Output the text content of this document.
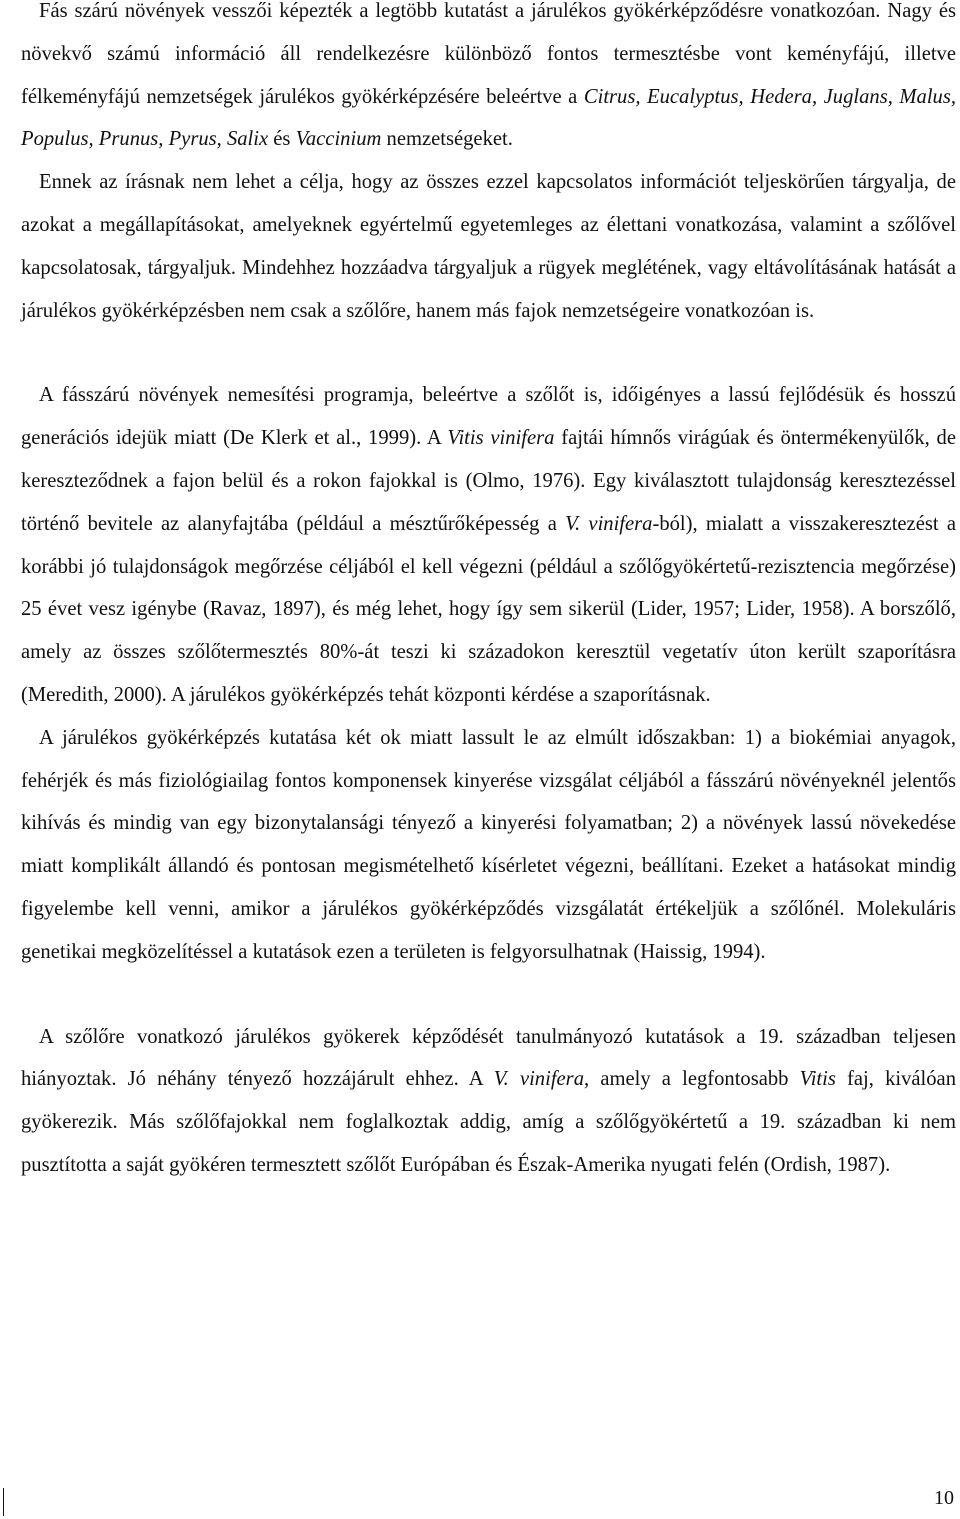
Fás szárú növények vesszői képezték a legtöbb kutatást a járulékos gyökérképződésre vonatkozóan. Nagy és növekvő számú információ áll rendelkezésre különböző fontos termesztésbe vont keményfájú, illetve félkeményfájú nemzetségek járulékos gyökérképzésére beleértve a Citrus, Eucalyptus, Hedera, Juglans, Malus, Populus, Prunus, Pyrus, Salix és Vaccinium nemzetségeket.

Ennek az írásnak nem lehet a célja, hogy az összes ezzel kapcsolatos információt teljeskörűen tárgyalja, de azokat a megállapításokat, amelyeknek egyértelmű egyetemleges az élettani vonatkozása, valamint a szőlővel kapcsolatosak, tárgyaljuk. Mindehhez hozzáadva tárgyaljuk a rügyek meglétének, vagy eltávolításának hatását a járulékos gyökérképzésben nem csak a szőlőre, hanem más fajok nemzetségeire vonatkozóan is.

A fásszárú növények nemesítési programja, beleértve a szőlőt is, időigényes a lassú fejlődésük és hosszú generációs idejük miatt (De Klerk et al., 1999). A Vitis vinifera fajtái hímnős virágúak és öntermékenyülők, de kereszteződnek a fajon belül és a rokon fajokkal is (Olmo, 1976). Egy kiválasztott tulajdonság keresztezéssel történő bevitele az alanyfajtába (például a mésztűrőképesség a V. vinifera-ból), mialatt a visszakeresztezést a korábbi jó tulajdonságok megőrzése céljából el kell végezni (például a szőlőgyökértetű-rezisztencia megőrzése) 25 évet vesz igénybe (Ravaz, 1897), és még lehet, hogy így sem sikerül (Lider, 1957; Lider, 1958). A borszőlő, amely az összes szőlőtermesztés 80%-át teszi ki századokon keresztül vegetatív úton került szaporításra (Meredith, 2000). A járulékos gyökérképzés tehát központi kérdése a szaporításnak.

A járulékos gyökérképzés kutatása két ok miatt lassult le az elmúlt időszakban: 1) a biokémiai anyagok, fehérjék és más fiziológiailag fontos komponensek kinyerése vizsgálat céljából a fásszárú növényeknél jelentős kihívás és mindig van egy bizonytalansági tényező a kinyerési folyamatban; 2) a növények lassú növekedése miatt komplikált állandó és pontosan megismételhető kísérletet végezni, beállítani. Ezeket a hatásokat mindig figyelembe kell venni, amikor a járulékos gyökérképződés vizsgálatát értékeljük a szőlőnél. Molekuláris genetikai megközelítéssel a kutatások ezen a területen is felgyorsulhatnak (Haissig, 1994).

A szőlőre vonatkozó járulékos gyökerek képződését tanulmányozó kutatások a 19. században teljesen hiányoztak. Jó néhány tényező hozzájárult ehhez. A V. vinifera, amely a legfontosabb Vitis faj, kiválóan gyökerezik. Más szőlőfajokkal nem foglalkoztak addig, amíg a szőlőgyökértetű a 19. században ki nem pusztította a saját gyökéren termesztett szőlőt Európában és Észak-Amerika nyugati felén (Ordish, 1987).

10
